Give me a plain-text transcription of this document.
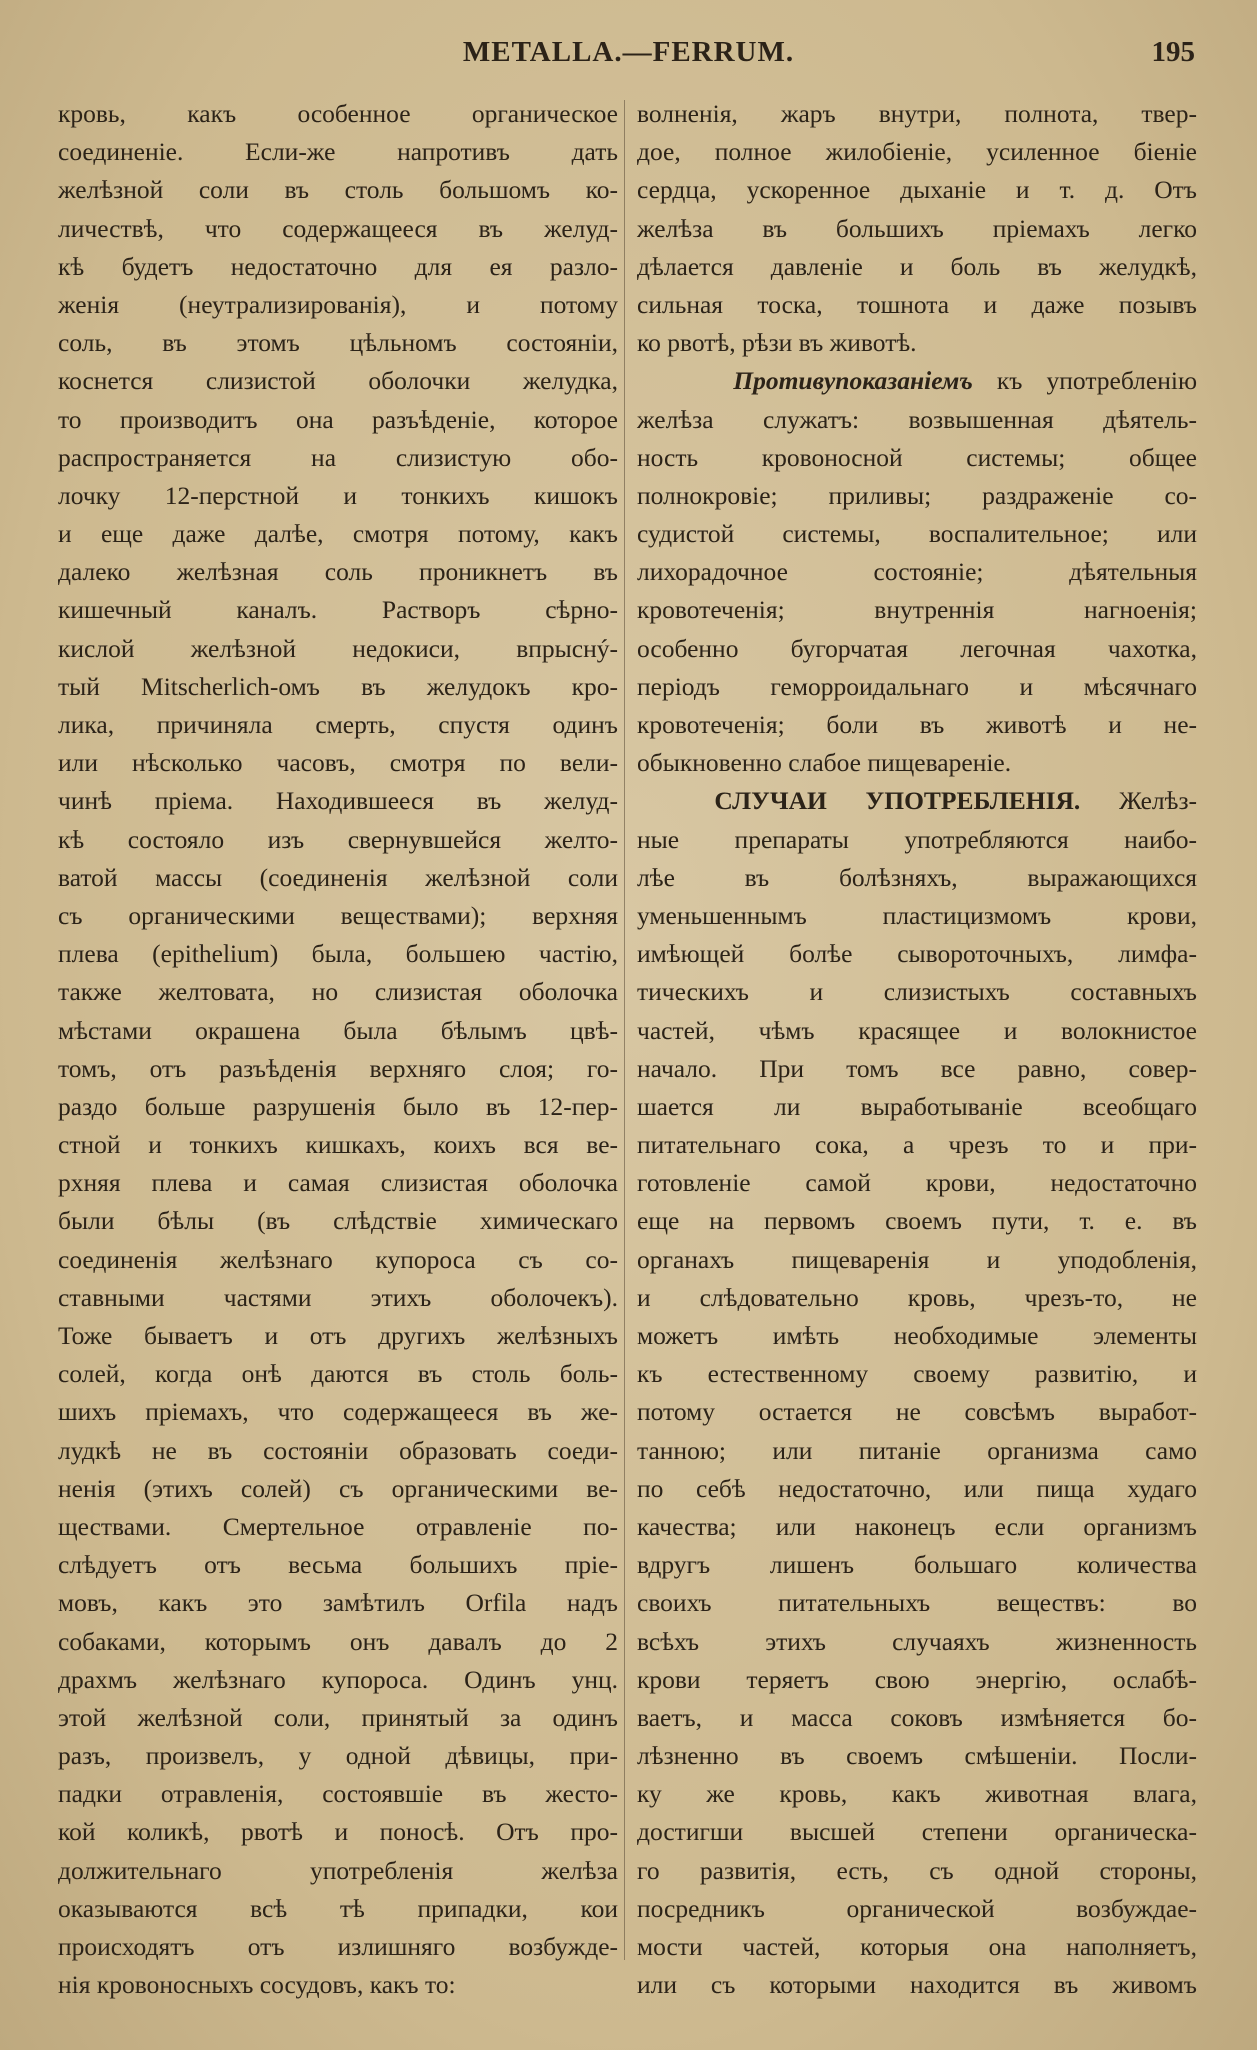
METALLA.—FERRUM.	195
кровь, какъ особенное органическое
соединеніе. Если-же напротивъ дать
желѣзной соли въ столь большомъ ко-
личествѣ, что содержащееся въ желуд-
кѣ будетъ недостаточно для ея разло-
женія (неутрализированія), и потому
соль, въ этомъ цѣльномъ состояніи,
коснется слизистой оболочки желудка,
то производитъ она разъѣденіе, которое
распространяется на слизистую обо-
лочку 12-перстной и тонкихъ кишокъ
и еще даже далѣе, смотря потому, какъ
далеко желѣзная соль проникнетъ въ
кишечный каналъ. Растворъ сѣрно-
кислой желѣзной недокиси, впрыснý-
тый Mitscherlich-омъ въ желудокъ кро-
лика, причиняла смерть, спустя одинъ
или нѣсколько часовъ, смотря по вели-
чинѣ пріема. Находившееся въ желуд-
кѣ состояло изъ свернувшейся желто-
ватой массы (соединенія желѣзной соли
съ органическими веществами); верхняя
плева (epithelium) была, большею частію,
также желтовата, но слизистая оболочка
мѣстами окрашена была бѣлымъ цвѣ-
томъ, отъ разъѣденія верхняго слоя; го-
раздо больше разрушенія было въ 12-пер-
стной и тонкихъ кишкахъ, коихъ вся ве-
рхняя плева и самая слизистая оболочка
были бѣлы (въ слѣдствіе химическаго
соединенія желѣзнаго купороса съ со-
ставными частями этихъ оболочекъ).
Тоже бываетъ и отъ другихъ желѣзныхъ
солей, когда онѣ даются въ столь боль-
шихъ пріемахъ, что содержащееся въ же-
лудкѣ не въ состояніи образовать соеди-
ненія (этихъ солей) съ органическими ве-
ществами. Смертельное отравленіе по-
слѣдуетъ отъ весьма большихъ пріе-
мовъ, какъ это замѣтилъ Orfila надъ
собаками, которымъ онъ давалъ до 2
драхмъ желѣзнаго купороса. Одинъ унц.
этой желѣзной соли, принятый за одинъ
разъ, произвелъ, у одной дѣвицы, при-
падки отравленія, состоявшіе въ жесто-
кой коликѣ, рвотѣ и поносѣ. Отъ про-
должительнаго употребленія желѣза
оказываются всѣ тѣ припадки, кои
происходятъ отъ излишняго возбужде-
нія кровоносныхъ сосудовъ, какъ то:
волненія, жаръ внутри, полнота, твер-
дое, полное жилобіеніе, усиленное біеніе
сердца, ускоренное дыханіе и т. д. Отъ
желѣза въ большихъ пріемахъ легко
дѣлается давленіе и боль въ желудкѣ,
сильная тоска, тошнота и даже позывъ
ко рвотѣ, рѣзи въ животѣ.
Противупоказаніемъ къ употребленію
желѣза служатъ: возвышенная дѣятель-
ность кровоносной системы; общее
полнокровіе; приливы; раздраженіе со-
судистой системы, воспалительное; или
лихорадочное состояніе; дѣятельныя
кровотеченія; внутреннія нагноенія;
особенно бугорчатая легочная чахотка,
періодъ геморроидальнаго и мѣсячнаго
кровотеченія; боли въ животѣ и не-
обыкновенно слабое пищевареніе.
СЛУЧАИ УПОТРЕБЛЕНІЯ. Желѣз-
ные препараты употребляются наибо-
лѣе въ болѣзняхъ, выражающихся
уменьшеннымъ пластицизмомъ крови,
имѣющей болѣе сывороточныхъ, лимфа-
тическихъ и слизистыхъ составныхъ
частей, чѣмъ красящее и волокнистое
начало. При томъ все равно, совер-
шается ли выработываніе всеобщаго
питательнаго сока, а чрезъ то и при-
готовленіе самой крови, недостаточно
еще на первомъ своемъ пути, т. е. въ
органахъ пищеваренія и уподобленія,
и слѣдовательно кровь, чрезъ-то, не
можетъ имѣть необходимые элементы
къ естественному своему развитію, и
потому остается не совсѣмъ выработ-
танною; или питаніе организма само
по себѣ недостаточно, или пища худаго
качества; или наконецъ если организмъ
вдругъ лишенъ большаго количества
своихъ питательныхъ веществъ: во
всѣхъ этихъ случаяхъ жизненность
крови теряетъ свою энергію, ослабѣ-
ваетъ, и масса соковъ измѣняется бо-
лѣзненно въ своемъ смѣшеніи. Посли-
ку же кровь, какъ животная влага,
достигши высшей степени органическа-
го развитія, есть, съ одной стороны,
посредникъ органической возбуждае-
мости частей, которыя она наполняетъ,
или съ которыми находится въ живомъ
